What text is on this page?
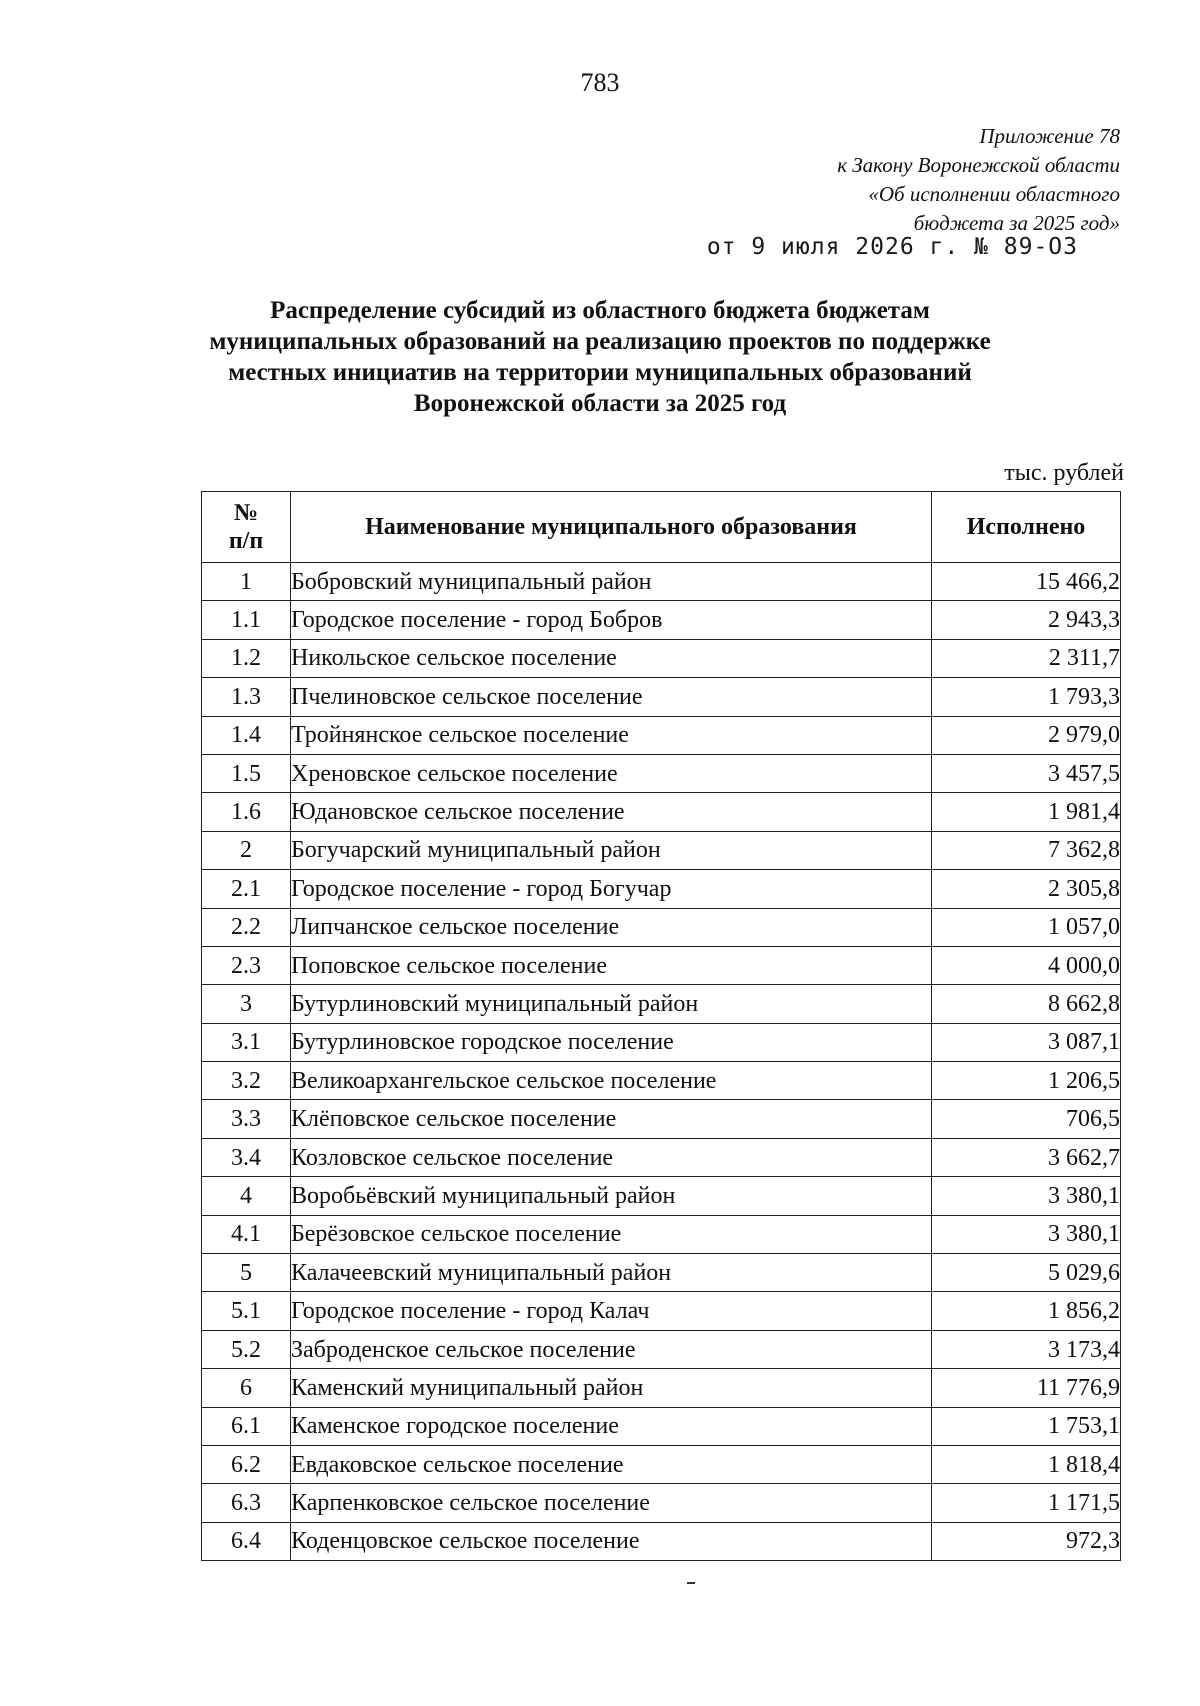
783
Приложение 78
к Закону Воронежской области
«Об исполнении областного
бюджета за 2025 год»
от 9 июля 2026 г. № 89-ОЗ
Распределение субсидий из областного бюджета бюджетам
муниципальных образований на реализацию проектов по поддержке
местных инициатив на территории муниципальных образований
Воронежской области за 2025 год
тыс. рублей
№
п/п	Наименование муниципального образования	Исполнено
1	Бобровский муниципальный район	15 466,2
1.1	Городское поселение - город Бобров	2 943,3
1.2	Никольское сельское поселение	2 311,7
1.3	Пчелиновское сельское поселение	1 793,3
1.4	Тройнянское сельское поселение	2 979,0
1.5	Хреновское сельское поселение	3 457,5
1.6	Юдановское сельское поселение	1 981,4
2	Богучарский муниципальный район	7 362,8
2.1	Городское поселение - город Богучар	2 305,8
2.2	Липчанское сельское поселение	1 057,0
2.3	Поповское сельское поселение	4 000,0
3	Бутурлиновский муниципальный район	8 662,8
3.1	Бутурлиновское городское поселение	3 087,1
3.2	Великоархангельское сельское поселение	1 206,5
3.3	Клёповское сельское поселение	706,5
3.4	Козловское сельское поселение	3 662,7
4	Воробьёвский муниципальный район	3 380,1
4.1	Берёзовское сельское поселение	3 380,1
5	Калачеевский муниципальный район	5 029,6
5.1	Городское поселение - город Калач	1 856,2
5.2	Заброденское сельское поселение	3 173,4
6	Каменский муниципальный район	11 776,9
6.1	Каменское городское поселение	1 753,1
6.2	Евдаковское сельское поселение	1 818,4
6.3	Карпенковское сельское поселение	1 171,5
6.4	Коденцовское сельское поселение	972,3
